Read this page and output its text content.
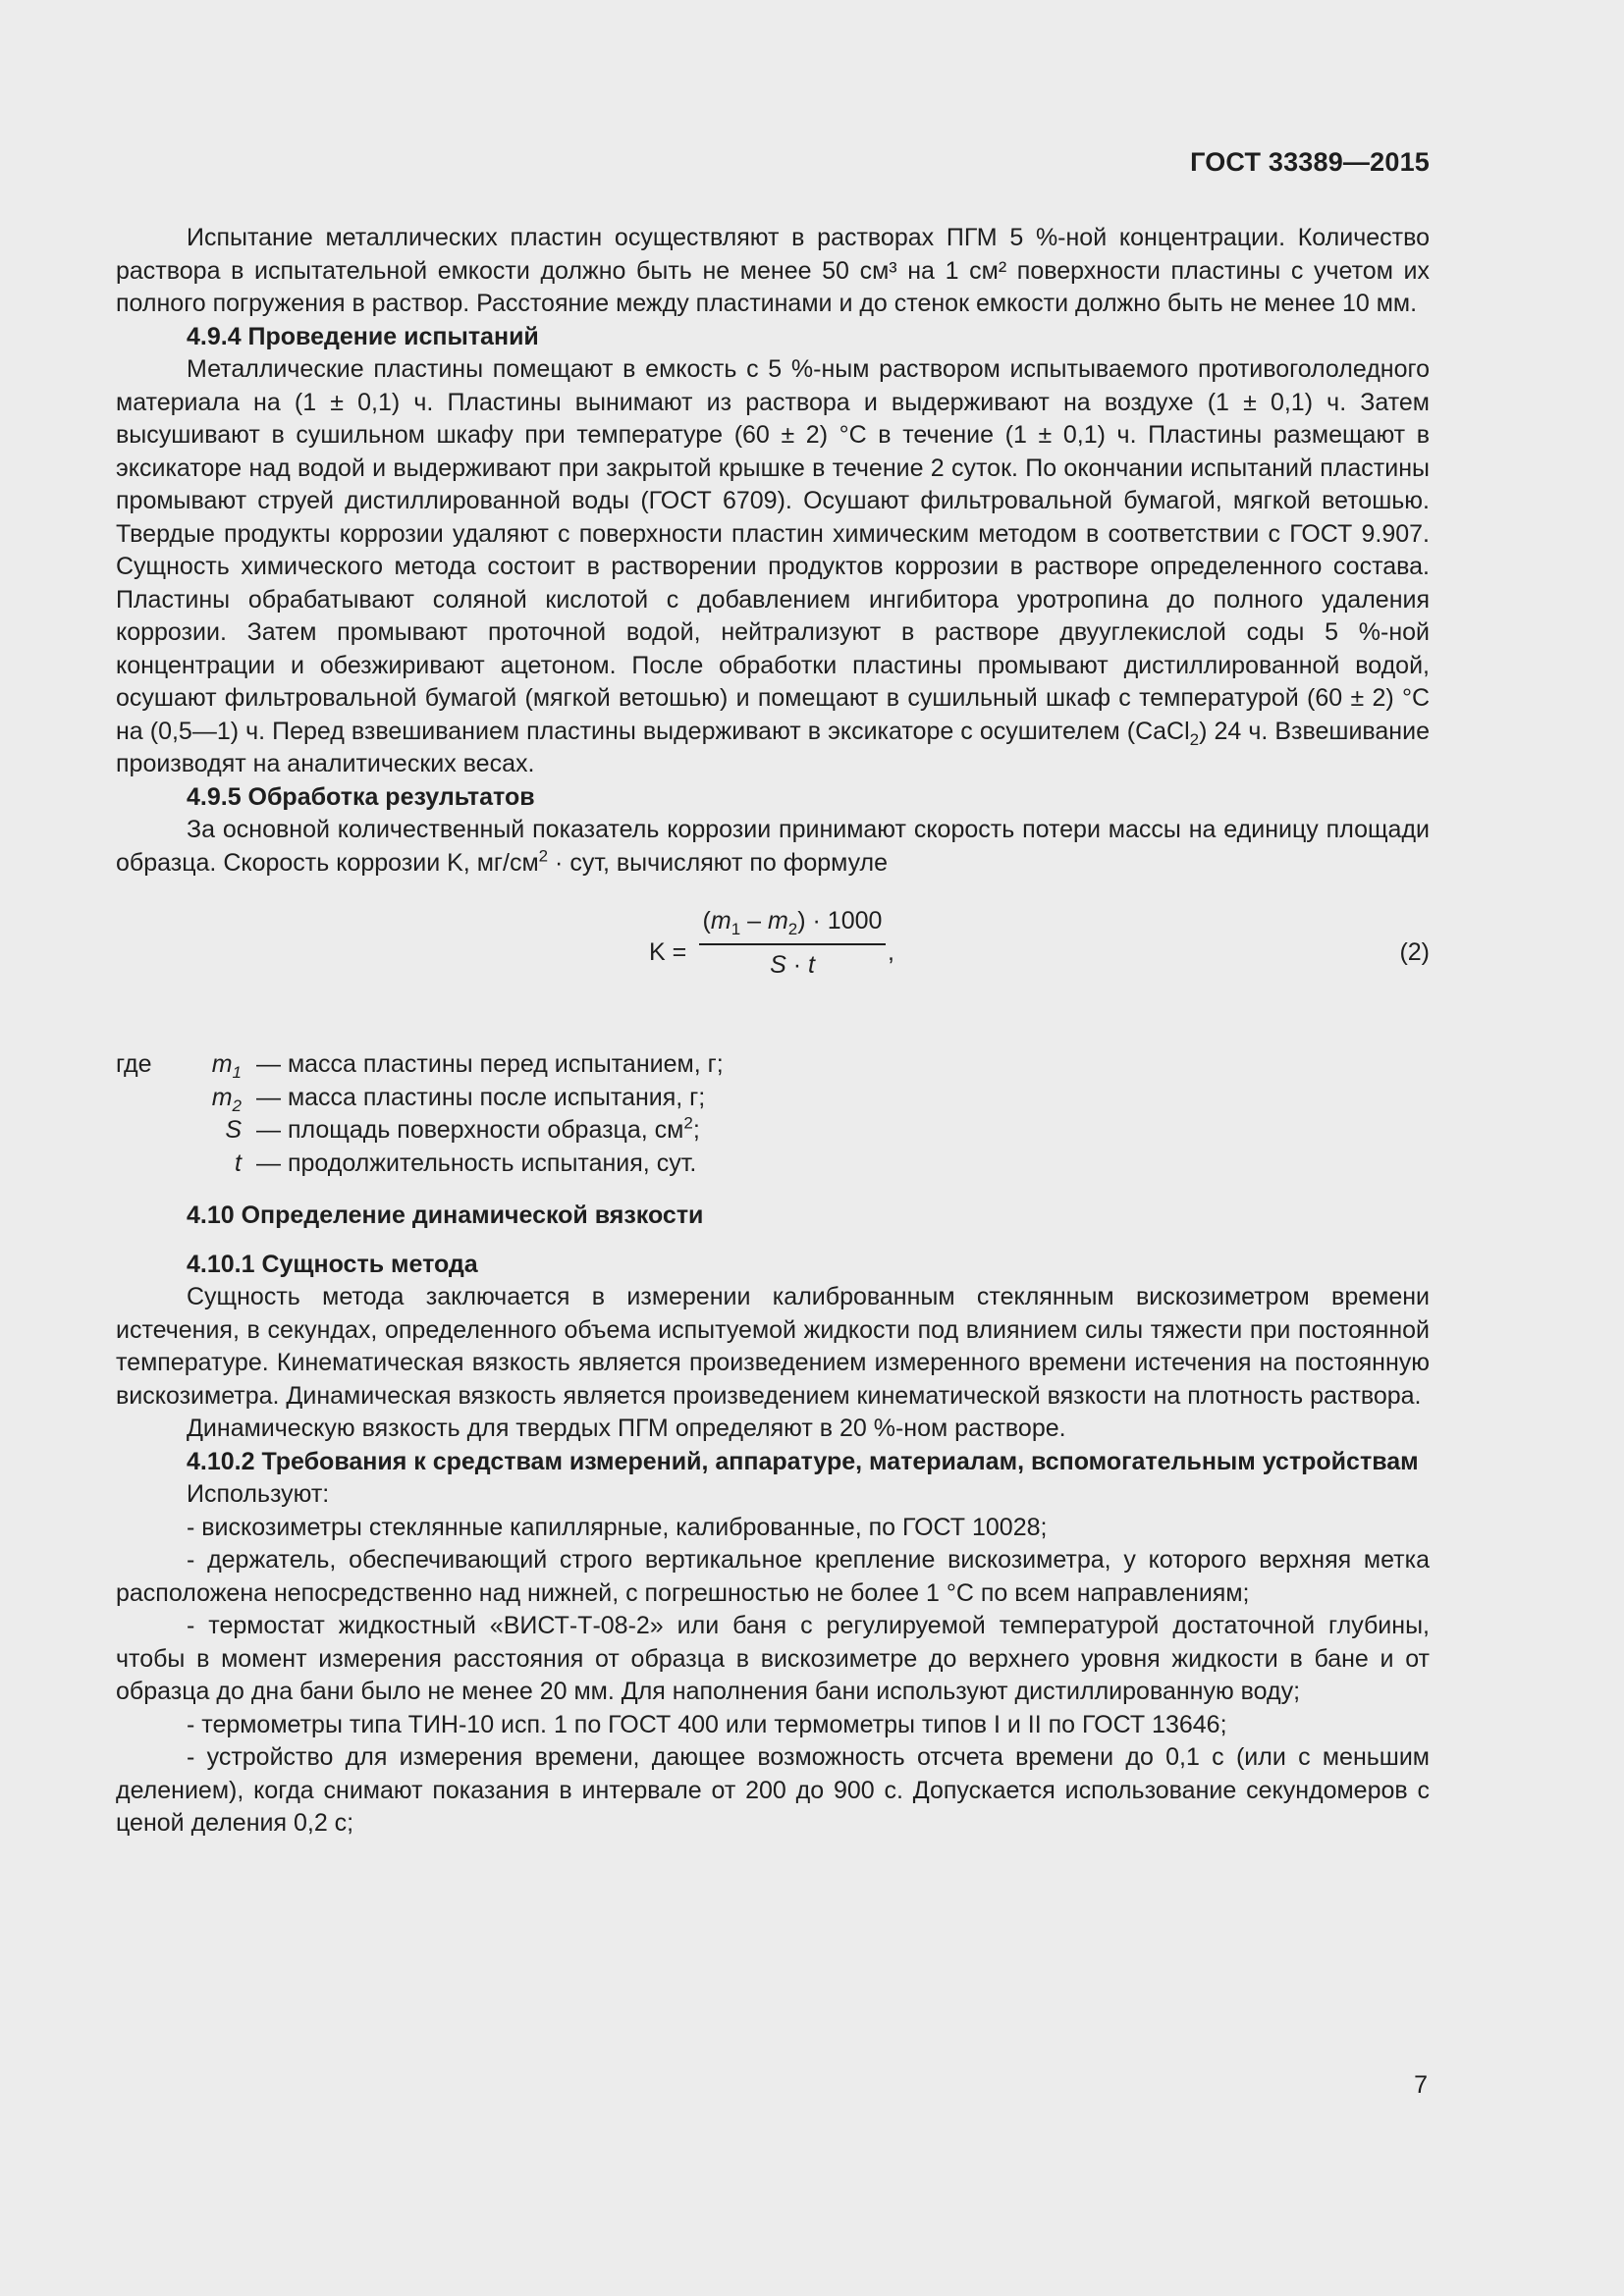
ГОСТ 33389—2015

Испытание металлических пластин осуществляют в растворах ПГМ 5 %-ной концентрации. Количество раствора в испытательной емкости должно быть не менее 50 см³ на 1 см² поверхности пластины с учетом их полного погружения в раствор. Расстояние между пластинами и до стенок емкости должно быть не менее 10 мм.

4.9.4 Проведение испытаний

Металлические пластины помещают в емкость с 5 %-ным раствором испытываемого противогололедного материала на (1 ± 0,1) ч. Пластины вынимают из раствора и выдерживают на воздухе (1 ± 0,1) ч. Затем высушивают в сушильном шкафу при температуре (60 ± 2) °С в течение (1 ± 0,1) ч. Пластины размещают в эксикаторе над водой и выдерживают при закрытой крышке в течение 2 суток. По окончании испытаний пластины промывают струей дистиллированной воды (ГОСТ 6709). Осушают фильтровальной бумагой, мягкой ветошью. Твердые продукты коррозии удаляют с поверхности пластин химическим методом в соответствии с ГОСТ 9.907. Сущность химического метода состоит в растворении продуктов коррозии в растворе определенного состава. Пластины обрабатывают соляной кислотой с добавлением ингибитора уротропина до полного удаления коррозии. Затем промывают проточной водой, нейтрализуют в растворе двууглекислой соды 5 %-ной концентрации и обезжиривают ацетоном. После обработки пластины промывают дистиллированной водой, осушают фильтровальной бумагой (мягкой ветошью) и помещают в сушильный шкаф с температурой (60 ± 2) °С на (0,5—1) ч. Перед взвешиванием пластины выдерживают в эксикаторе с осушителем (CaCl$_2$) 24 ч. Взвешивание производят на аналитических весах.

4.9.5 Обработка результатов

За основной количественный показатель коррозии принимают скорость потери массы на единицу площади образца. Скорость коррозии K, $мг/см^2$ · сут, вычисляют по формуле

K =
$(m_1 - m_2) \cdot 1000$
S · t	,	(2)
где $m_1$ — масса пластины перед испытанием, г;
$m_2$ — масса пластины после испытания, г;
S — площадь поверхности образца, $см^2$;
t — продолжительность испытания, сут.

4.10 Определение динамической вязкости

4.10.1 Сущность метода

Сущность метода заключается в измерении калиброванным стеклянным вискозиметром времени истечения, в секундах, определенного объема испытуемой жидкости под влиянием силы тяжести при постоянной температуре. Кинематическая вязкость является произведением измеренного времени истечения на постоянную вискозиметра. Динамическая вязкость является произведением кинематической вязкости на плотность раствора.

Динамическую вязкость для твердых ПГМ определяют в 20 %-ном растворе.

4.10.2 Требования к средствам измерений, аппаратуре, материалам, вспомогательным устройствам

Используют:

- вискозиметры стеклянные капиллярные, калиброванные, по ГОСТ 10028;

- держатель, обеспечивающий строго вертикальное крепление вискозиметра, у которого верхняя метка расположена непосредственно над нижней, с погрешностью не более 1 °С по всем направлениям;

- термостат жидкостный «ВИСТ-Т-08-2» или баня с регулируемой температурой достаточной глубины, чтобы в момент измерения расстояния от образца в вискозиметре до верхнего уровня жидкости в бане и от образца до дна бани было не менее 20 мм. Для наполнения бани используют дистиллированную воду;

- термометры типа ТИН-10 исп. 1 по ГОСТ 400 или термометры типов I и II по ГОСТ 13646;

- устройство для измерения времени, дающее возможность отсчета времени до 0,1 с (или с меньшим делением), когда снимают показания в интервале от 200 до 900 с. Допускается использование секундомеров с ценой деления 0,2 с;

7
